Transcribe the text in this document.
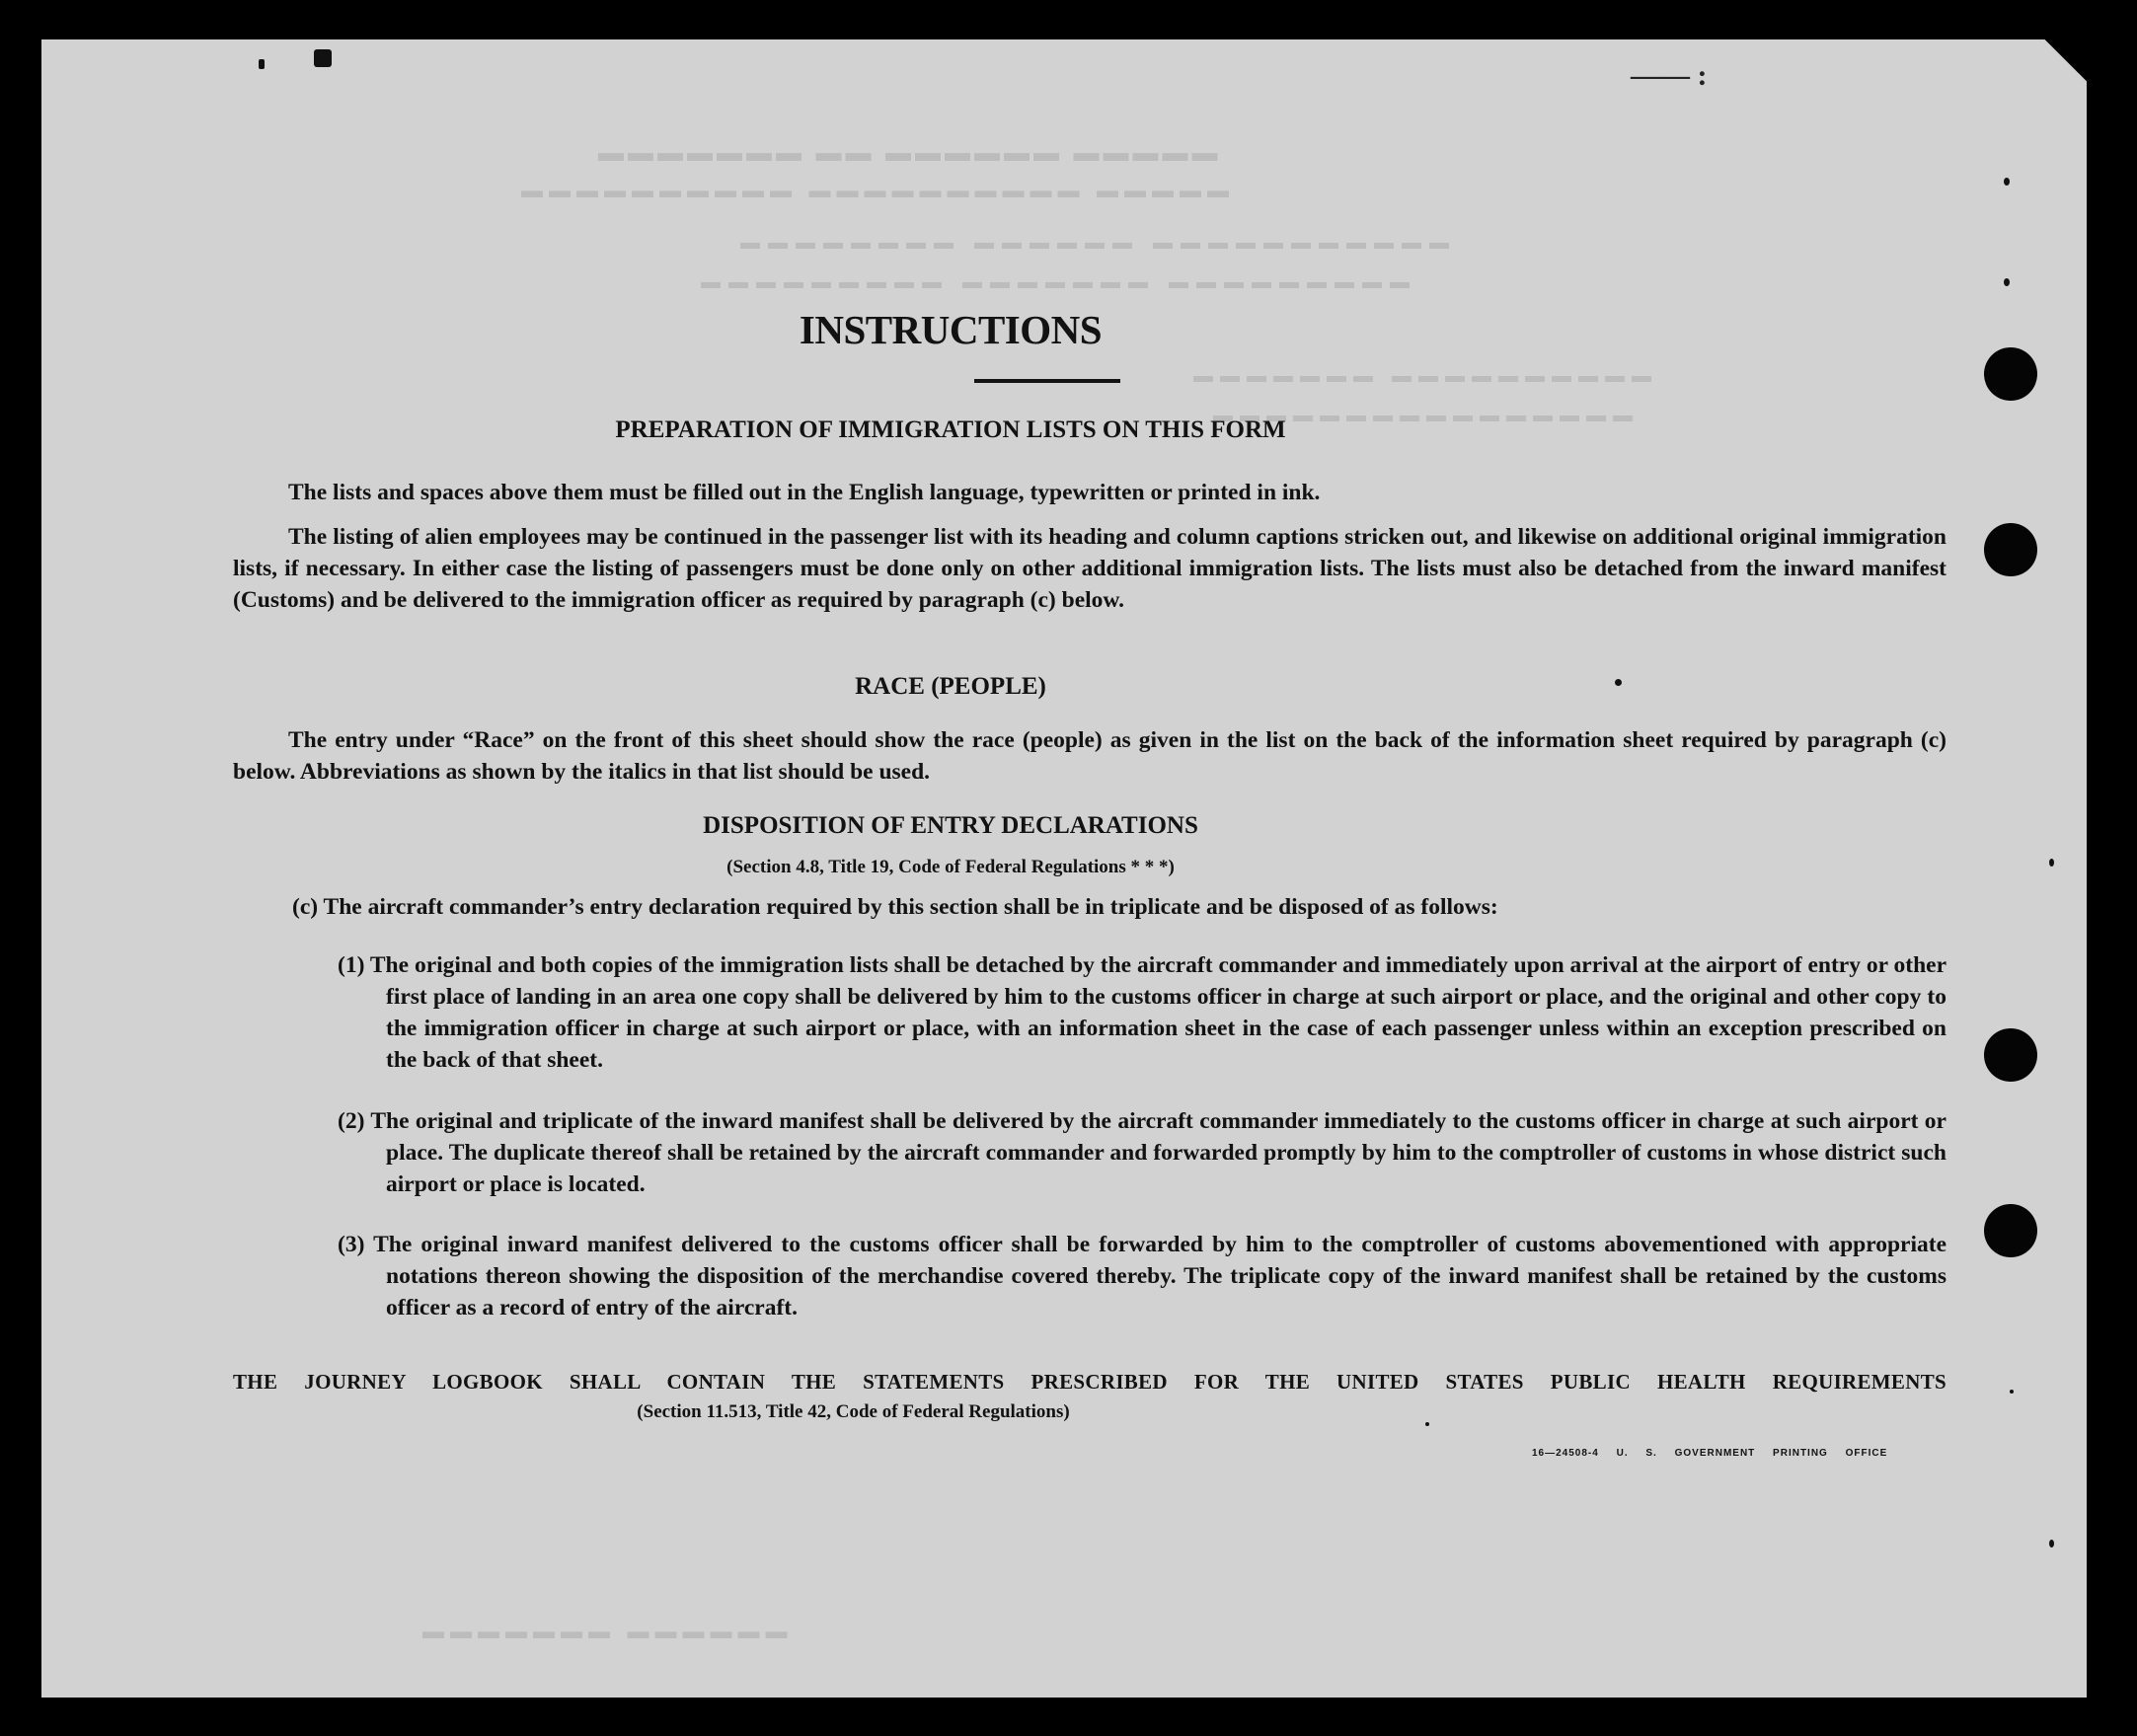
▬▬▬▬▬ ▬▬▬▬▬▬ ▬▬ ▬▬▬▬▬▬▬
▬▬▬▬▬ ▬▬▬▬▬▬▬▬▬▬ ▬▬▬▬▬▬▬▬▬▬
▬▬▬▬▬▬▬▬▬▬▬ ▬▬▬▬▬▬ ▬▬▬▬▬▬▬▬
▬▬▬▬▬▬▬▬▬ ▬▬▬▬▬▬▬ ▬▬▬▬▬▬▬▬▬
▬▬▬▬▬▬▬▬▬▬ ▬▬▬▬▬▬▬
▬▬▬▬▬▬▬▬▬▬▬▬▬▬▬▬
▬▬▬▬▬▬ ▬▬▬▬▬▬▬
—— :
INSTRUCTIONS
PREPARATION OF IMMIGRATION LISTS ON THIS FORM
The lists and spaces above them must be filled out in the English language, typewritten or printed in ink.
The listing of alien employees may be continued in the passenger list with its heading and column captions stricken out, and likewise on additional original immigration lists, if necessary. In either case the listing of passengers must be done only on other additional immigration lists. The lists must also be detached from the inward manifest (Customs) and be delivered to the immigration officer as required by paragraph (c) below.
RACE (PEOPLE)
The entry under “Race” on the front of this sheet should show the race (people) as given in the list on the back of the information sheet required by paragraph (c) below. Abbreviations as shown by the italics in that list should be used.
DISPOSITION OF ENTRY DECLARATIONS
(Section 4.8, Title 19, Code of Federal Regulations * * *)
(c) The aircraft commander’s entry declaration required by this section shall be in triplicate and be disposed of as follows:
(1) The original and both copies of the immigration lists shall be detached by the aircraft commander and immediately upon arrival at the airport of entry or other first place of landing in an area one copy shall be delivered by him to the customs officer in charge at such airport or place, and the original and other copy to the immigration officer in charge at such airport or place, with an information sheet in the case of each passenger unless within an exception prescribed on the back of that sheet.
(2) The original and triplicate of the inward manifest shall be delivered by the aircraft commander immediately to the customs officer in charge at such airport or place. The duplicate thereof shall be retained by the aircraft commander and forwarded promptly by him to the comptroller of customs in whose district such airport or place is located.
(3) The original inward manifest delivered to the customs officer shall be forwarded by him to the comptroller of customs abovementioned with appropriate notations thereon showing the disposition of the merchandise covered thereby. The triplicate copy of the inward manifest shall be retained by the customs officer as a record of entry of the aircraft.
THE JOURNEY LOGBOOK SHALL CONTAIN THE STATEMENTS PRESCRIBED FOR THE UNITED STATES PUBLIC HEALTH REQUIREMENTS
(Section 11.513, Title 42, Code of Federal Regulations)
16—24508-4 U. S. GOVERNMENT PRINTING OFFICE
